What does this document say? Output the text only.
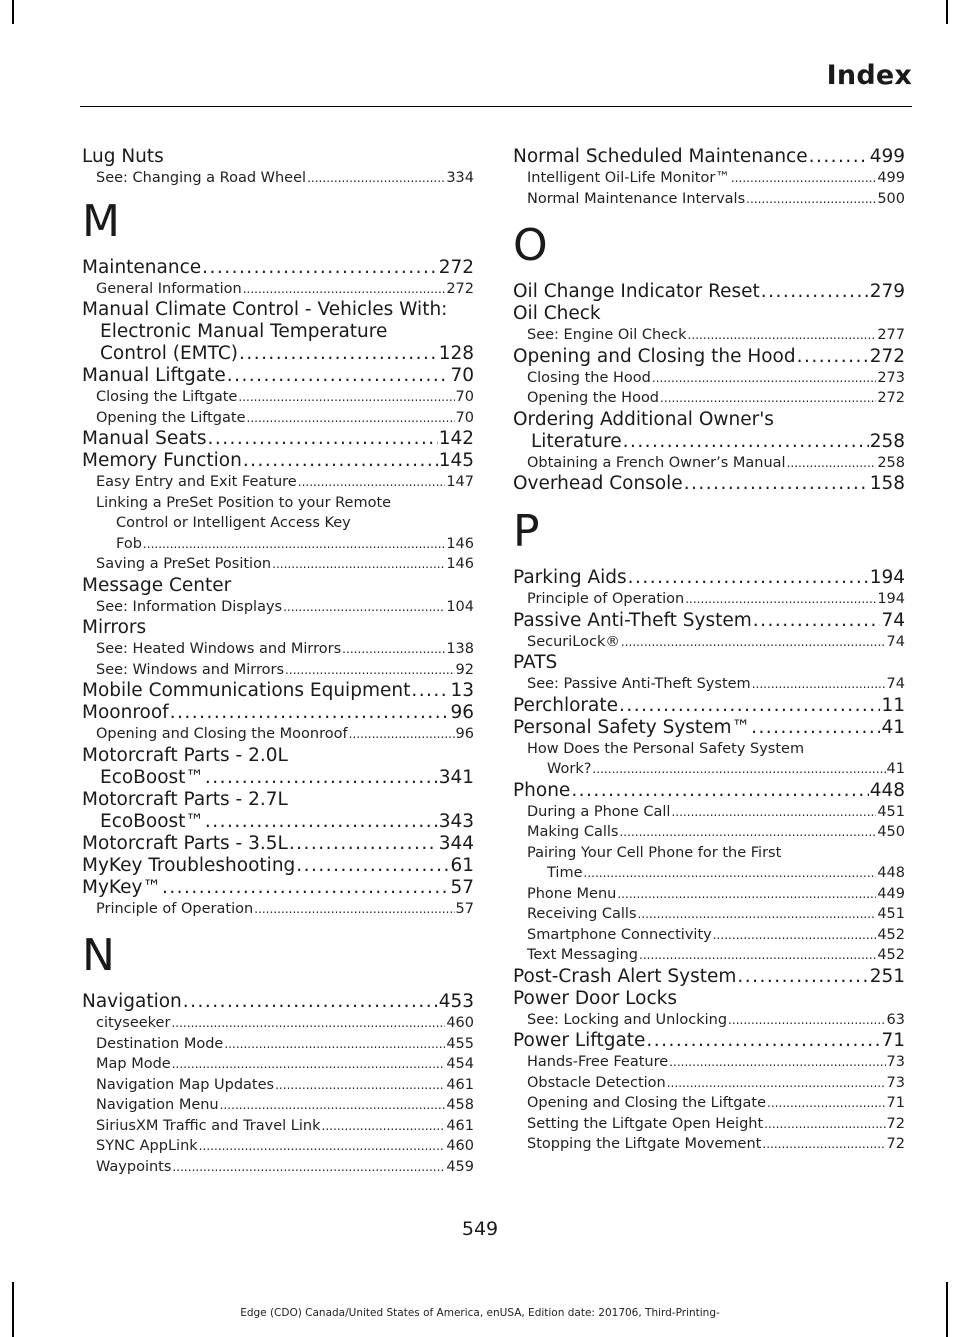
Index
Lug Nuts
See: Changing a Road Wheel . . .	334
M
Maintenance . . .	272
General Information . . .	272
Manual Climate Control - Vehicles With:
Electronic Manual Temperature
Control (EMTC) . . .	128
Manual Liftgate . . .	70
Closing the Liftgate . . .	70
Opening the Liftgate . . .	70
Manual Seats . . .	142
Memory Function . . .	145
Easy Entry and Exit Feature . . .	147
Linking a PreSet Position to your Remote
Control or Intelligent Access Key
Fob . . .	146
Saving a PreSet Position . . .	146
Message Center
See: Information Displays . . .	104
Mirrors
See: Heated Windows and Mirrors . . .	138
See: Windows and Mirrors . . .	92
Mobile Communications Equipment . . . 13
Moonroof . . .	96
Opening and Closing the Moonroof . . .	96
Motorcraft Parts - 2.0L
EcoBoost™ . . .	341
Motorcraft Parts - 2.7L
EcoBoost™ . . .	343
Motorcraft Parts - 3.5L . . .	344
MyKey Troubleshooting . . .	61
MyKey™ . . .	57
Principle of Operation . . .	57
N
Navigation . . .	453
cityseeker . . .	460
Destination Mode . . .	455
Map Mode . . .	454
Navigation Map Updates . . .	461
Navigation Menu . . .	458
SiriusXM Traffic and Travel Link . . .	461
SYNC AppLink . . .	460
Waypoints . . .	459
Normal Scheduled Maintenance . . .	499
Intelligent Oil-Life Monitor™ . . .	499
Normal Maintenance Intervals . . .	500
O
Oil Change Indicator Reset . . .	279
Oil Check
See: Engine Oil Check . . .	277
Opening and Closing the Hood . . .	272
Closing the Hood . . .	273
Opening the Hood . . .	272
Ordering Additional Owner's
Literature . . .	258
Obtaining a French Owner’s Manual . . .	258
Overhead Console . . .	158
P
Parking Aids . . .	194
Principle of Operation . . .	194
Passive Anti-Theft System . . .	74
SecuriLock® . . .	74
PATS
See: Passive Anti-Theft System . . .	74
Perchlorate . . .	11
Personal Safety System™ . . .	41
How Does the Personal Safety System
Work? . . .	41
Phone . . .	448
During a Phone Call . . .	451
Making Calls . . .	450
Pairing Your Cell Phone for the First
Time . . .	448
Phone Menu . . .	449
Receiving Calls . . .	451
Smartphone Connectivity . . .	452
Text Messaging . . .	452
Post-Crash Alert System . . .	251
Power Door Locks
See: Locking and Unlocking . . .	63
Power Liftgate . . .	71
Hands-Free Feature . . .	73
Obstacle Detection . . .	73
Opening and Closing the Liftgate . . .	71
Setting the Liftgate Open Height . . .	72
Stopping the Liftgate Movement . . .	72
549
Edge (CDO) Canada/United States of America, enUSA, Edition date: 201706, Third-Printing-
